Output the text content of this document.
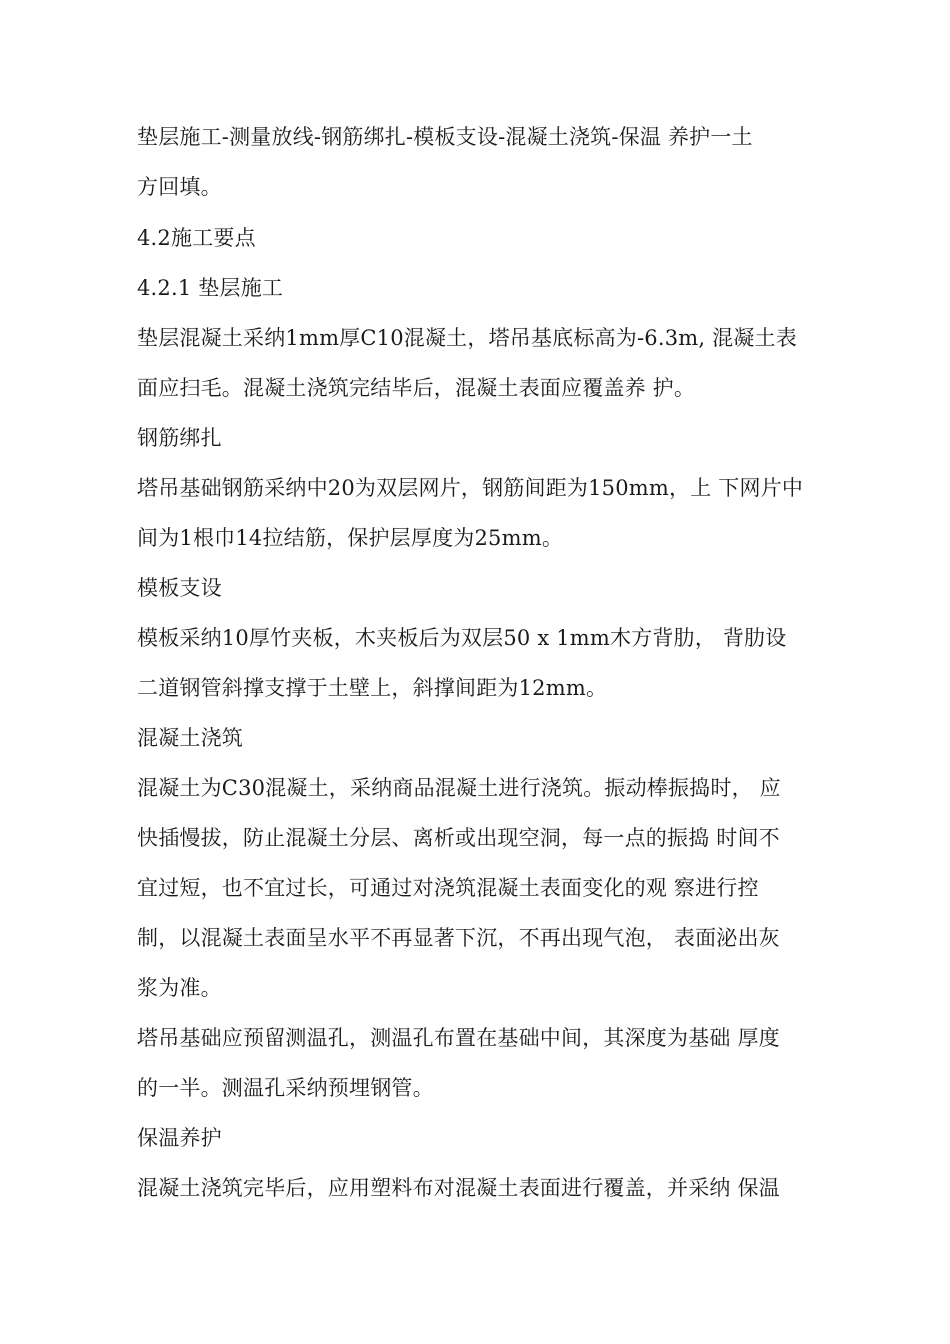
垫层施工-测量放线-钢筋绑扎-模板支设-混凝土浇筑-保温 养护一土
方回填。
4.2施工要点
4.2.1 垫层施工
垫层混凝土采纳1mm厚C10混凝土，塔吊基底标高为-6.3m, 混凝土表
面应扫毛。混凝土浇筑完结毕后，混凝土表面应覆盖养 护。
钢筋绑扎
塔吊基础钢筋采纳中20为双层网片，钢筋间距为150mm，上 下网片中
间为1根巾14拉结筋，保护层厚度为25mm。
模板支设
模板采纳10厚竹夹板，木夹板后为双层50 x 1mm木方背肋， 背肋设
二道钢管斜撑支撑于土壁上，斜撑间距为12mm。
混凝土浇筑
混凝土为C30混凝土，采纳商品混凝土进行浇筑。振动棒振捣时， 应
快插慢拔，防止混凝土分层、离析或出现空洞，每一点的振捣 时间不
宜过短，也不宜过长，可通过对浇筑混凝土表面变化的观 察进行控
制，以混凝土表面呈水平不再显著下沉，不再出现气泡， 表面泌出灰
浆为准。
塔吊基础应预留测温孔，测温孔布置在基础中间，其深度为基础 厚度
的一半。测温孔采纳预埋钢管。
保温养护
混凝土浇筑完毕后，应用塑料布对混凝土表面进行覆盖，并采纳 保温
